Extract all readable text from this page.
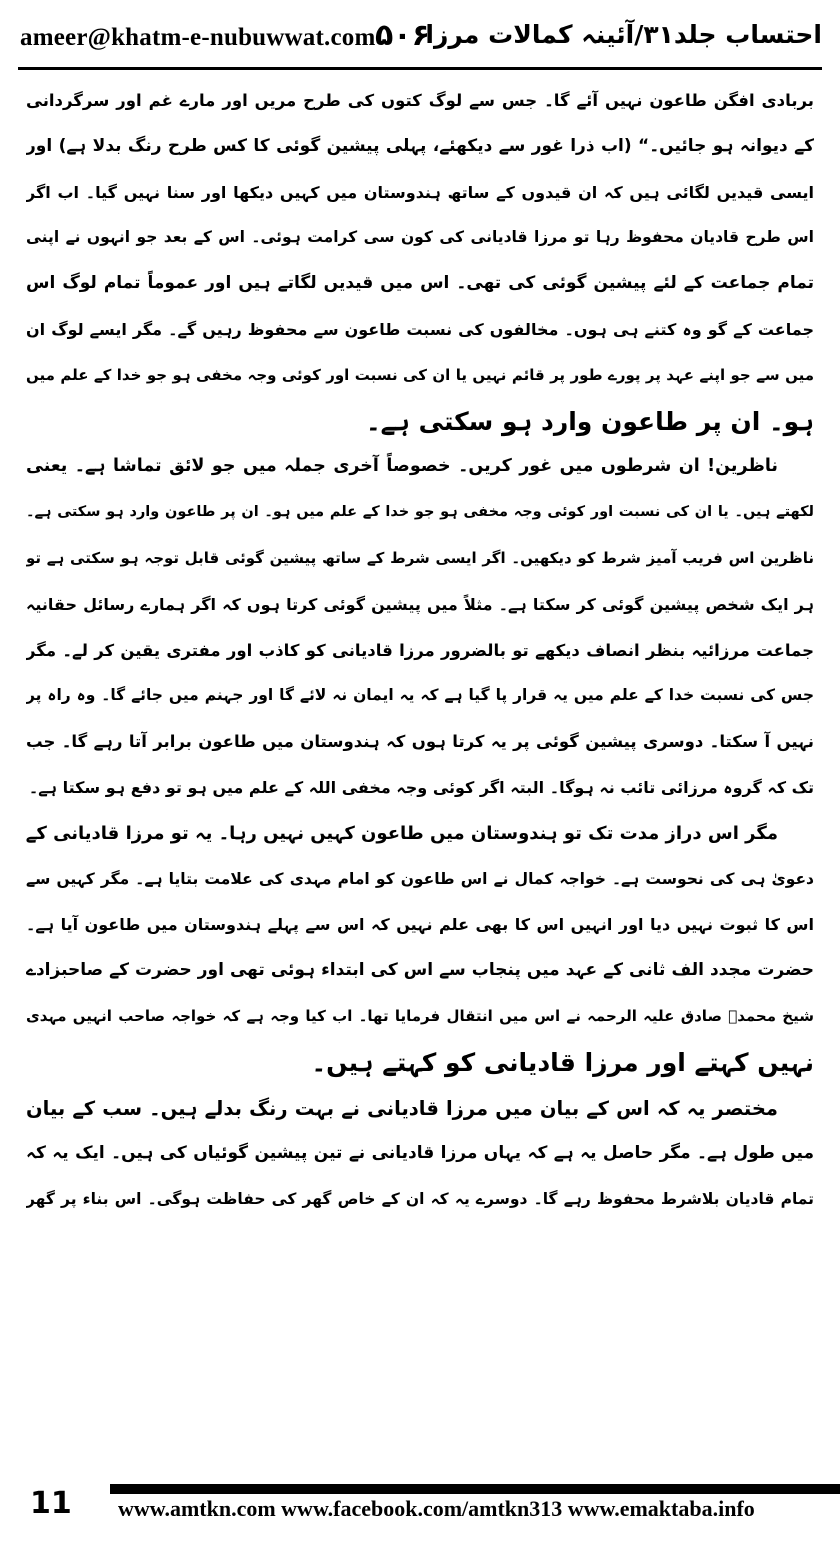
ameer@khatm-e-nubuwwat.com ۵۰۶
احتساب جلد۳۱/آئینہ کمالات مرزا
بربادی افگن طاعون نہیں آئے گا۔ جس سے لوگ کتوں کی طرح مریں اور مارے غم اور سرگردانی
کے دیوانہ ہو جائیں۔“ (اب ذرا غور سے دیکھئے، پہلی پیشین گوئی کا کس طرح رنگ بدلا ہے) اور
ایسی قیدیں لگائی ہیں کہ ان قیدوں کے ساتھ ہندوستان میں کہیں دیکھا اور سنا نہیں گیا۔ اب اگر
اس طرح قادیان محفوظ رہا تو مرزا قادیانی کی کون سی کرامت ہوئی۔ اس کے بعد جو انہوں نے اپنی
تمام جماعت کے لئے پیشین گوئی کی تھی۔ اس میں قیدیں لگاتے ہیں اور عموماً تمام لوگ اس
جماعت کے گو وہ کتنے ہی ہوں۔ مخالفوں کی نسبت طاعون سے محفوظ رہیں گے۔ مگر ایسے لوگ ان
میں سے جو اپنے عہد پر پورے طور پر قائم نہیں یا ان کی نسبت اور کوئی وجہ مخفی ہو جو خدا کے علم میں
ہو۔ ان پر طاعون وارد ہو سکتی ہے۔
ناظرین! ان شرطوں میں غور کریں۔ خصوصاً آخری جملہ میں جو لائق تماشا ہے۔ یعنی
لکھتے ہیں۔ یا ان کی نسبت اور کوئی وجہ مخفی ہو جو خدا کے علم میں ہو۔ ان پر طاعون وارد ہو سکتی ہے۔
ناظرین اس فریب آمیز شرط کو دیکھیں۔ اگر ایسی شرط کے ساتھ پیشین گوئی قابل توجہ ہو سکتی ہے تو
ہر ایک شخص پیشین گوئی کر سکتا ہے۔ مثلاً میں پیشین گوئی کرتا ہوں کہ اگر ہمارے رسائل حقانیہ
جماعت مرزائیہ بنظر انصاف دیکھے تو بالضرور مرزا قادیانی کو کاذب اور مفتری یقین کر لے۔ مگر
جس کی نسبت خدا کے علم میں یہ قرار پا گیا ہے کہ یہ ایمان نہ لائے گا اور جہنم میں جائے گا۔ وہ راہ پر
نہیں آ سکتا۔ دوسری پیشین گوئی پر یہ کرتا ہوں کہ ہندوستان میں طاعون برابر آتا رہے گا۔ جب
تک کہ گروہ مرزائی تائب نہ ہوگا۔ البتہ اگر کوئی وجہ مخفی اللہ کے علم میں ہو تو دفع ہو سکتا ہے۔
مگر اس دراز مدت تک تو ہندوستان میں طاعون کہیں نہیں رہا۔ یہ تو مرزا قادیانی کے
دعویٰ ہی کی نحوست ہے۔ خواجہ کمال نے اس طاعون کو امام مہدی کی علامت بتایا ہے۔ مگر کہیں سے
اس کا ثبوت نہیں دیا اور انہیں اس کا بھی علم نہیں کہ اس سے پہلے ہندوستان میں طاعون آیا ہے۔
حضرت مجدد الف ثانی کے عہد میں پنجاب سے اس کی ابتداء ہوئی تھی اور حضرت کے صاحبزادے
شیخ محمدؒ صادق علیہ الرحمہ نے اس میں انتقال فرمایا تھا۔ اب کیا وجہ ہے کہ خواجہ صاحب انہیں مہدی
نہیں کہتے اور مرزا قادیانی کو کہتے ہیں۔
مختصر یہ کہ اس کے بیان میں مرزا قادیانی نے بہت رنگ بدلے ہیں۔ سب کے بیان
میں طول ہے۔ مگر حاصل یہ ہے کہ یہاں مرزا قادیانی نے تین پیشین گوئیاں کی ہیں۔ ایک یہ کہ
تمام قادیان بلاشرط محفوظ رہے گا۔ دوسرے یہ کہ ان کے خاص گھر کی حفاظت ہوگی۔ اس بناء پر گھر
11 www.amtkn.com www.facebook.com/amtkn313 www.emaktaba.info
